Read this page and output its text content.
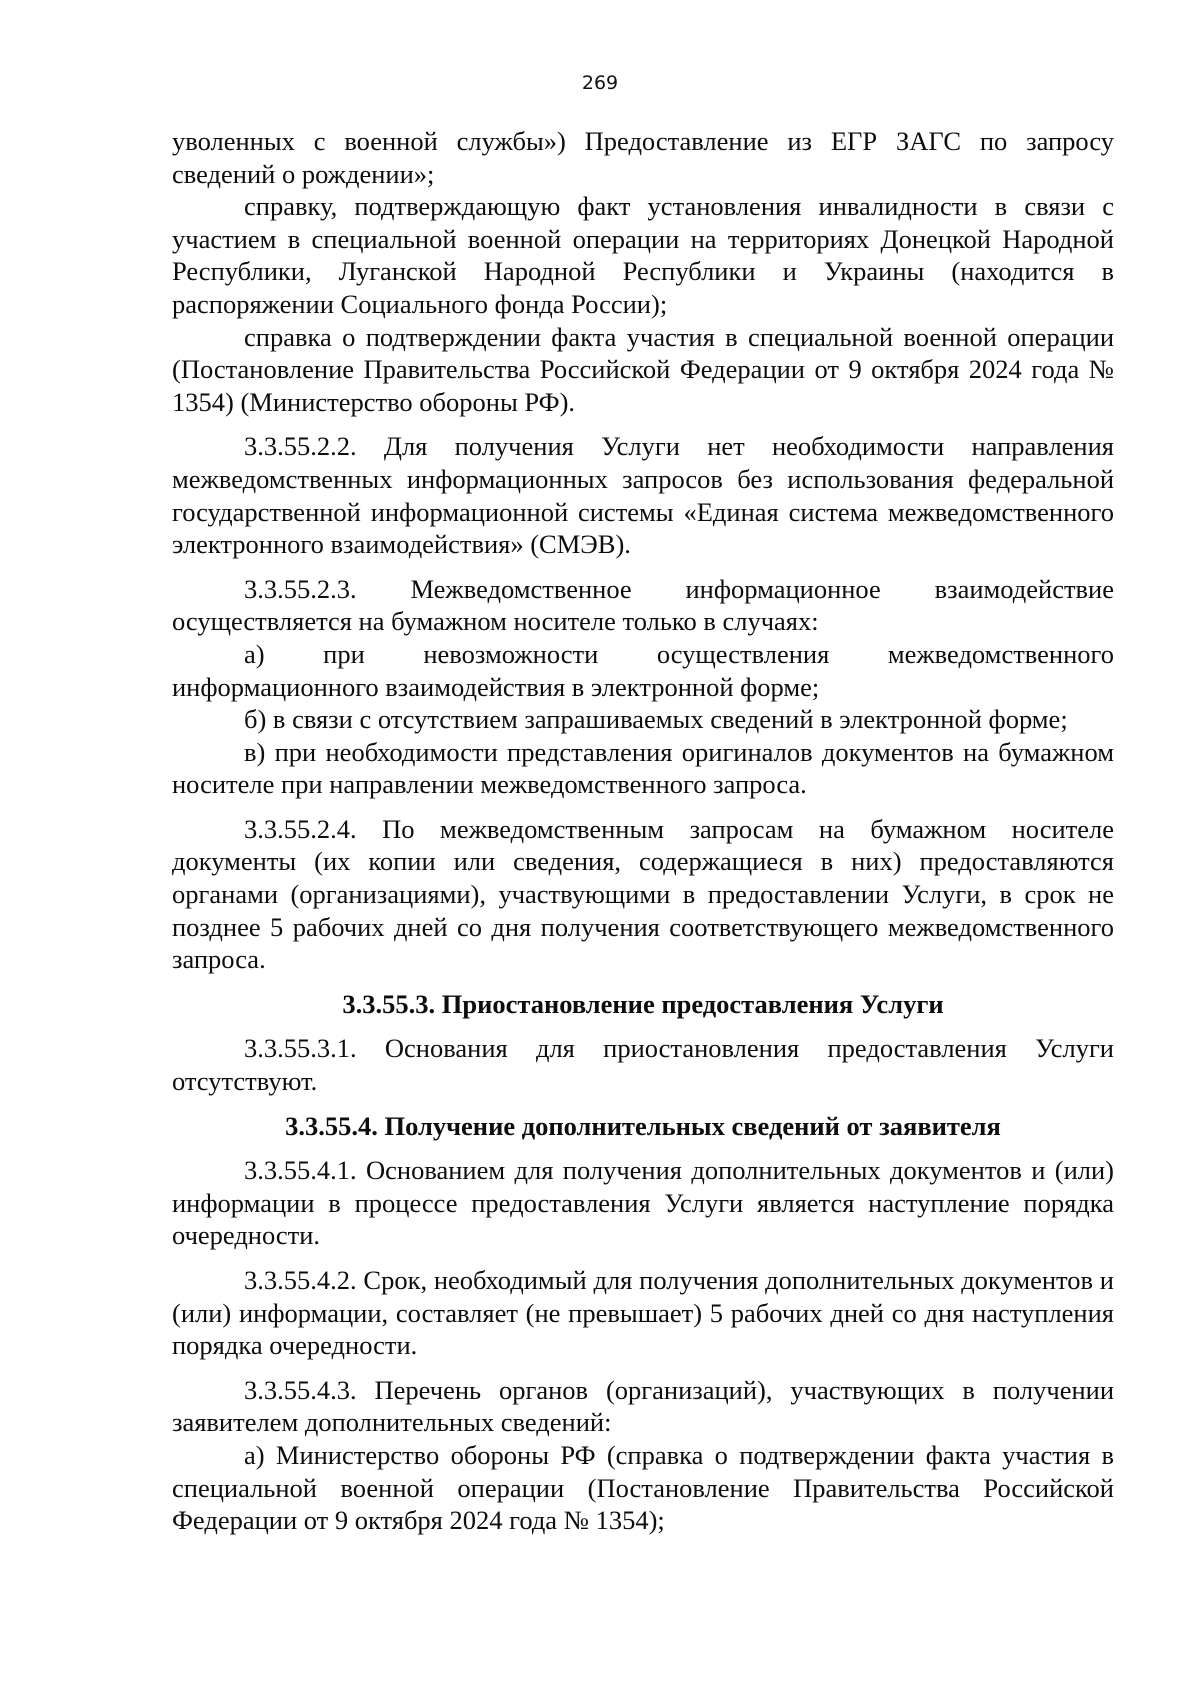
269

уволенных с военной службы») Предоставление из ЕГР ЗАГС по запросу сведений о рождении»;

справку, подтверждающую факт установления инвалидности в связи с участием в специальной военной операции на территориях Донецкой Народной Республики, Луганской Народной Республики и Украины (находится в распоряжении Социального фонда России);

справка о подтверждении факта участия в специальной военной операции (Постановление Правительства Российской Федерации от 9 октября 2024 года № 1354) (Министерство обороны РФ).

3.3.55.2.2. Для получения Услуги нет необходимости направления межведомственных информационных запросов без использования федеральной государственной информационной системы «Единая система межведомственного электронного взаимодействия» (СМЭВ).

3.3.55.2.3. Межведомственное информационное взаимодействие осуществляется на бумажном носителе только в случаях:

а) при невозможности осуществления межведомственного информационного взаимодействия в электронной форме;

б) в связи с отсутствием запрашиваемых сведений в электронной форме;

в) при необходимости представления оригиналов документов на бумажном носителе при направлении межведомственного запроса.

3.3.55.2.4. По межведомственным запросам на бумажном носителе документы (их копии или сведения, содержащиеся в них) предоставляются органами (организациями), участвующими в предоставлении Услуги, в срок не позднее 5 рабочих дней со дня получения соответствующего межведомственного запроса.

3.3.55.3. Приостановление предоставления Услуги

3.3.55.3.1. Основания для приостановления предоставления Услуги отсутствуют.

3.3.55.4. Получение дополнительных сведений от заявителя

3.3.55.4.1. Основанием для получения дополнительных документов и (или) информации в процессе предоставления Услуги является наступление порядка очередности.

3.3.55.4.2. Срок, необходимый для получения дополнительных документов и (или) информации, составляет (не превышает) 5 рабочих дней со дня наступления порядка очередности.

3.3.55.4.3. Перечень органов (организаций), участвующих в получении заявителем дополнительных сведений:

а) Министерство обороны РФ (справка о подтверждении факта участия в специальной военной операции (Постановление Правительства Российской Федерации от 9 октября 2024 года № 1354);
